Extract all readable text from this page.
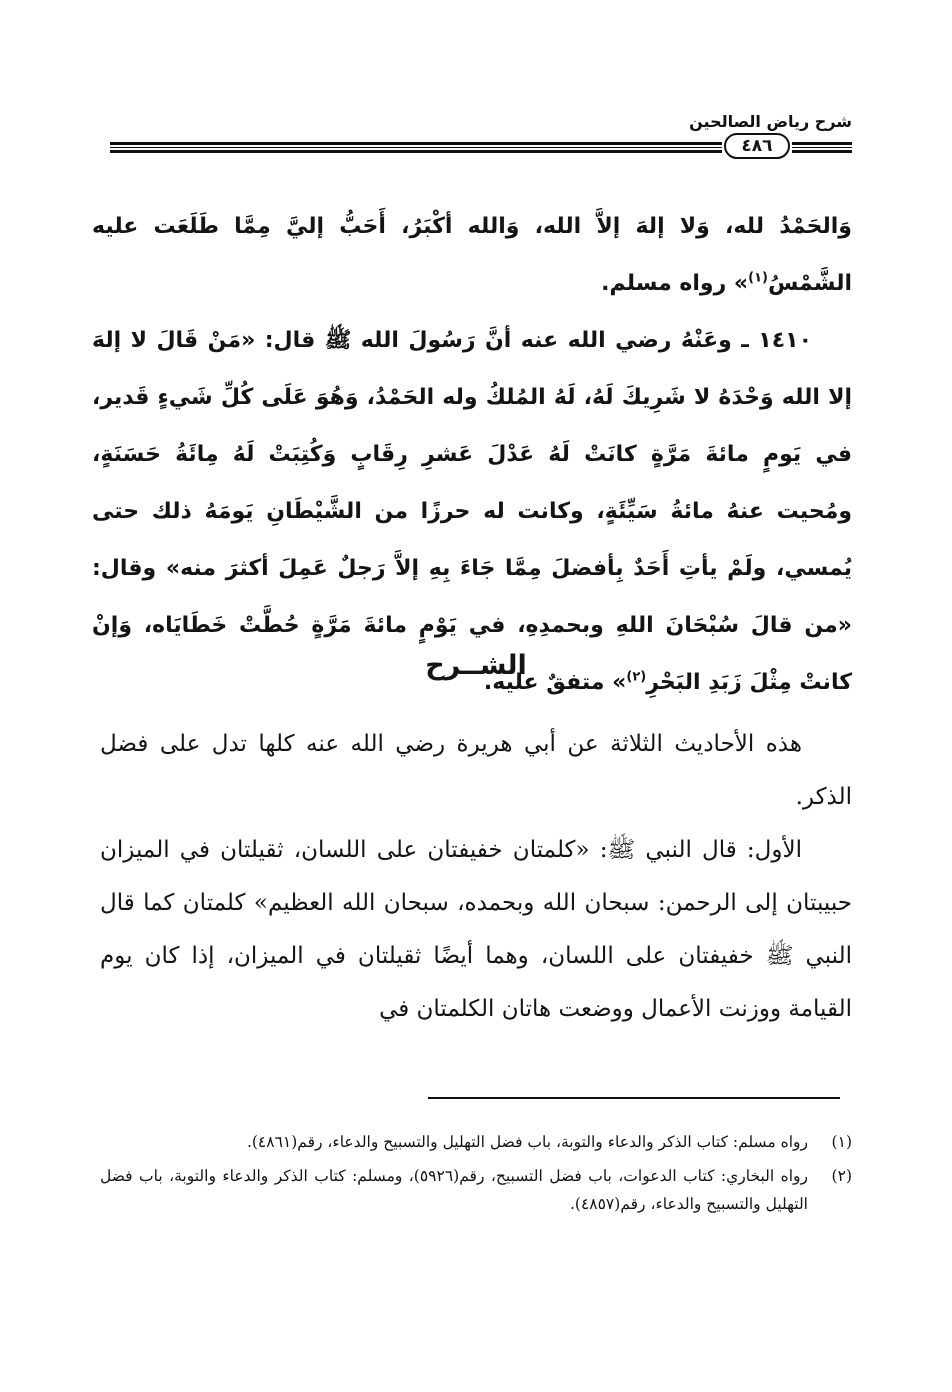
شرح رياض الصالحين
٤٨٦

وَالحَمْدُ لله، وَلا إلهَ إلاَّ الله، وَالله أكْبَرُ، أَحَبُّ إليَّ مِمَّا طَلَعَت عليه الشَّمْسُ$^{(١)}$» رواه مسلم.

١٤١٠ ـ وعَنْهُ رضي الله عنه أنَّ رَسُولَ الله ﷺ قال: «مَنْ قَالَ لا إلهَ إلا الله وَحْدَهُ لا شَرِيكَ لَهُ، لَهُ المُلكُ وله الحَمْدُ، وَهُوَ عَلَى كُلِّ شَيءٍ قَدير، في يَومٍ مائةَ مَرَّةٍ كانَتْ لَهُ عَدْلَ عَشرِ رِقَابٍ وَكُتِبَتْ لَهُ مِائَةُ حَسَنَةٍ، ومُحيت عنهُ مائةُ سَيِّئَةٍ، وكانت له حرزًا من الشَّيْطَانِ يَومَهُ ذلك حتى يُمسي، ولَمْ يأتِ أَحَدٌ بِأفضلَ مِمَّا جَاءَ بِهِ إلاَّ رَجلٌ عَمِلَ أكثرَ منه» وقال: «من قالَ سُبْحَانَ اللهِ وبحمدِهِ، في يَوْمٍ مائةَ مَرَّةٍ حُطَّتْ خَطَايَاه، وَإنْ كانتْ مِثْلَ زَبَدِ البَحْرِ$^{(٢)}$» متفقٌ عليه.

الشــرح

هذه الأحاديث الثلاثة عن أبي هريرة رضي الله عنه كلها تدل على فضل الذكر.

الأول: قال النبي ﷺ: «كلمتان خفيفتان على اللسان، ثقيلتان في الميزان حبيبتان إلى الرحمن: سبحان الله وبحمده، سبحان الله العظيم» كلمتان كما قال النبي ﷺ خفيفتان على اللسان، وهما أيضًا ثقيلتان في الميزان، إذا كان يوم القيامة ووزنت الأعمال ووضعت هاتان الكلمتان في

(١)
رواه مسلم: كتاب الذكر والدعاء والتوبة، باب فضل التهليل والتسبيح والدعاء، رقم(٤٨٦١).
(٢)
رواه البخاري: كتاب الدعوات، باب فضل التسبيح، رقم(٥٩٢٦)، ومسلم: كتاب الذكر والدعاء والتوبة، باب فضل التهليل والتسبيح والدعاء، رقم(٤٨٥٧).
